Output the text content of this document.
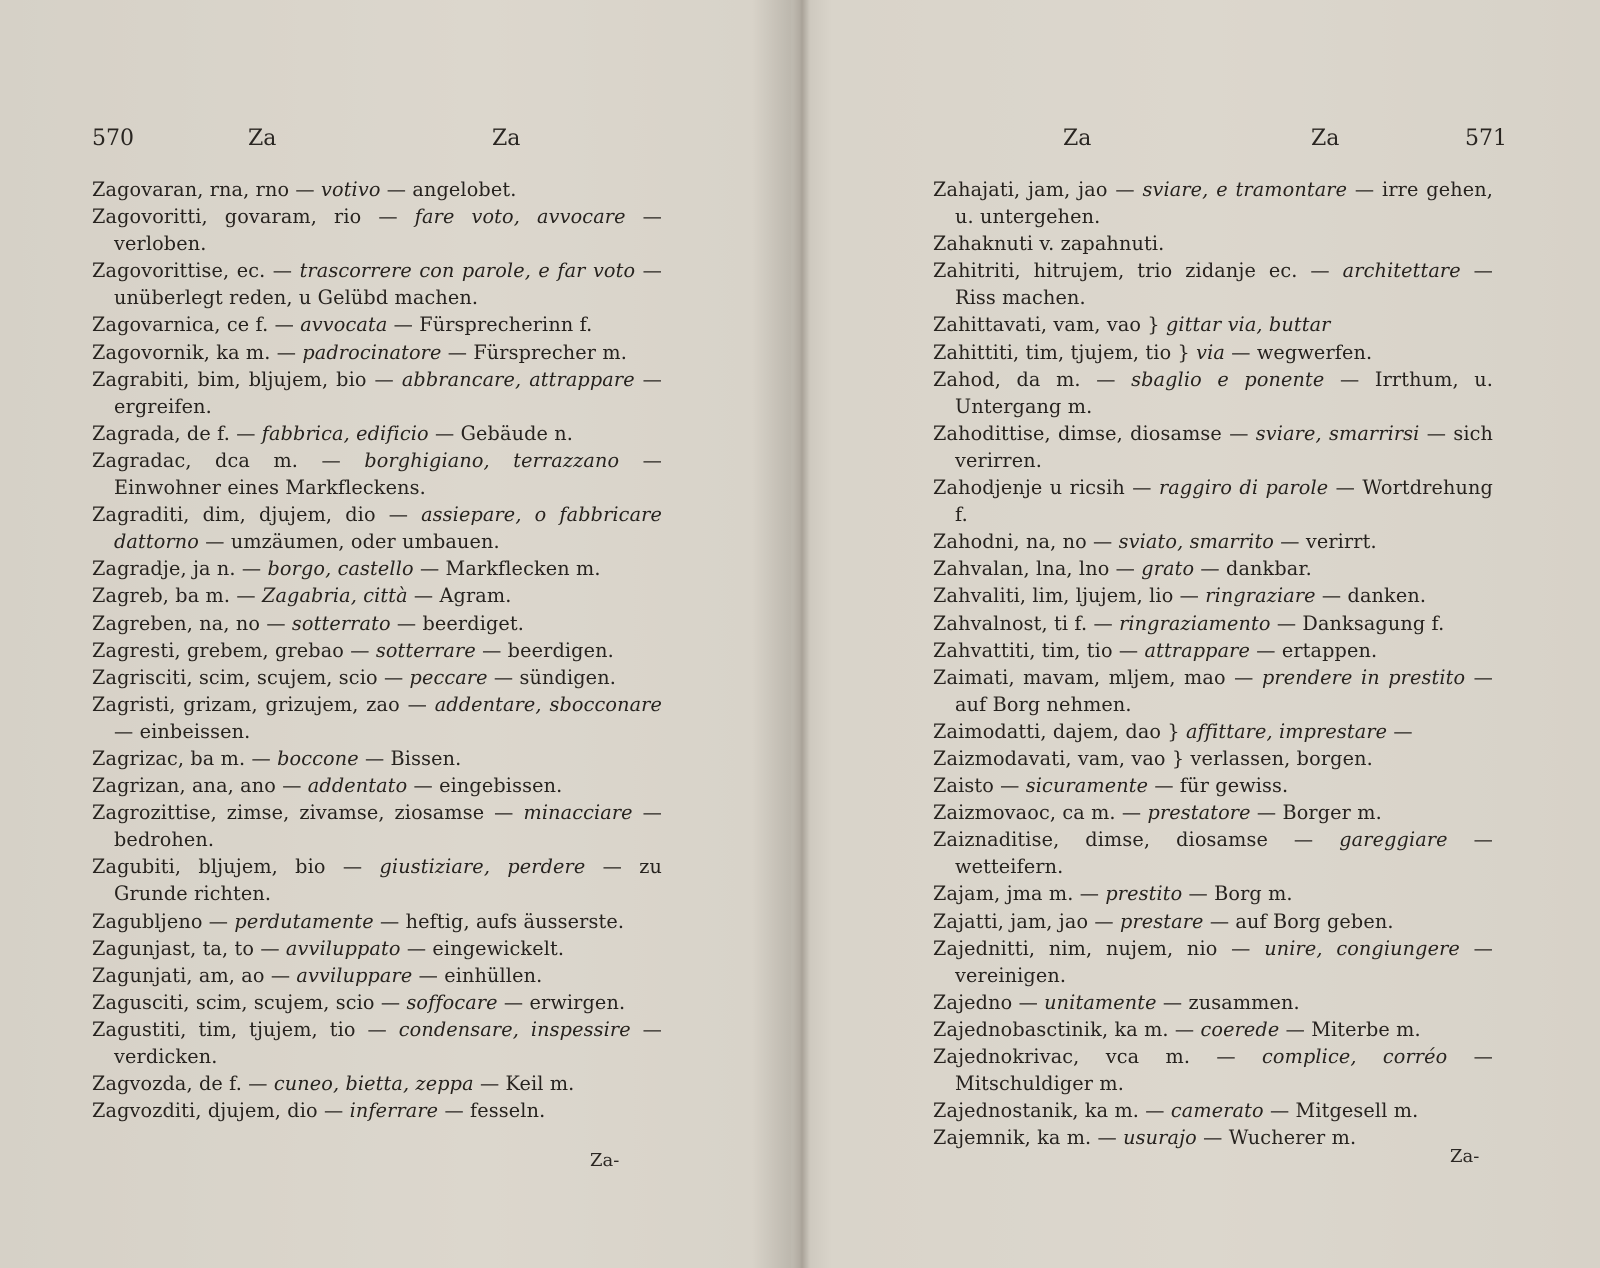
570	Za	Za
Zagovaran, rna, rno — votivo — angelobet.
Zagovoritti, govaram, rio — fare voto, avvocare — verloben.
Zagovorittise, ec. — trascorrere con parole, e far voto — unüberlegt reden, u Gelübd machen.
Zagovarnica, ce f. — avvocata — Fürsprecherinn f.
Zagovornik, ka m. — padrocinatore — Fürsprecher m.
Zagrabiti, bim, bljujem, bio — abbrancare, attrappare — ergreifen.
Zagrada, de f. — fabbrica, edificio — Gebäude n.
Zagradac, dca m. — borghigiano, terrazzano — Einwohner eines Markfleckens.
Zagraditi, dim, djujem, dio — assiepare, o fabbricare dattorno — umzäumen, oder umbauen.
Zagradje, ja n. — borgo, castello — Markflecken m.
Zagreb, ba m. — Zagabria, città — Agram.
Zagreben, na, no — sotterrato — beerdiget.
Zagresti, grebem, grebao — sotterrare — beerdigen.
Zagrisciti, scim, scujem, scio — peccare — sündigen.
Zagristi, grizam, grizujem, zao — addentare, sbocconare — einbeissen.
Zagrizac, ba m. — boccone — Bissen.
Zagrizan, ana, ano — addentato — eingebissen.
Zagrozittise, zimse, zivamse, ziosamse — minacciare — bedrohen.
Zagubiti, bljujem, bio — giustiziare, perdere — zu Grunde richten.
Zagubljeno — perdutamente — heftig, aufs äusserste.
Zagunjast, ta, to — avviluppato — eingewickelt.
Zagunjati, am, ao — avviluppare — einhüllen.
Zagusciti, scim, scujem, scio — soffocare — erwirgen.
Zagustiti, tim, tjujem, tio — condensare, inspessire — verdicken.
Zagvozda, de f. — cuneo, bietta, zeppa — Keil m.
Zagvozditi, djujem, dio — inferrare — fesseln.
Za-
Za	Za	571
Zahajati, jam, jao — sviare, e tramontare — irre gehen, u. untergehen.
Zahaknuti v. zapahnuti.
Zahitriti, hitrujem, trio zidanje ec. — architettare — Riss machen.
Zahittavati, vam, vao } gittar via, buttar
Zahittiti, tim, tjujem, tio } via — wegwerfen.
Zahod, da m. — sbaglio e ponente — Irrthum, u. Untergang m.
Zahodittise, dimse, diosamse — sviare, smarrirsi — sich verirren.
Zahodjenje u ricsih — raggiro di parole — Wortdrehung f.
Zahodni, na, no — sviato, smarrito — verirrt.
Zahvalan, lna, lno — grato — dankbar.
Zahvaliti, lim, ljujem, lio — ringraziare — danken.
Zahvalnost, ti f. — ringraziamento — Danksagung f.
Zahvattiti, tim, tio — attrappare — ertappen.
Zaimati, mavam, mljem, mao — prendere in prestito — auf Borg nehmen.
Zaimodatti, dajem, dao } affittare, imprestare —
Zaizmodavati, vam, vao } verlassen, borgen.
Zaisto — sicuramente — für gewiss.
Zaizmovaoc, ca m. — prestatore — Borger m.
Zaiznaditise, dimse, diosamse — gareggiare — wetteifern.
Zajam, jma m. — prestito — Borg m.
Zajatti, jam, jao — prestare — auf Borg geben.
Zajednitti, nim, nujem, nio — unire, congiungere — vereinigen.
Zajedno — unitamente — zusammen.
Zajednobasctinik, ka m. — coerede — Miterbe m.
Zajednokrivac, vca m. — complice, corréo — Mitschuldiger m.
Zajednostanik, ka m. — camerato — Mitgesell m.
Zajemnik, ka m. — usurajo — Wucherer m.
Za-
